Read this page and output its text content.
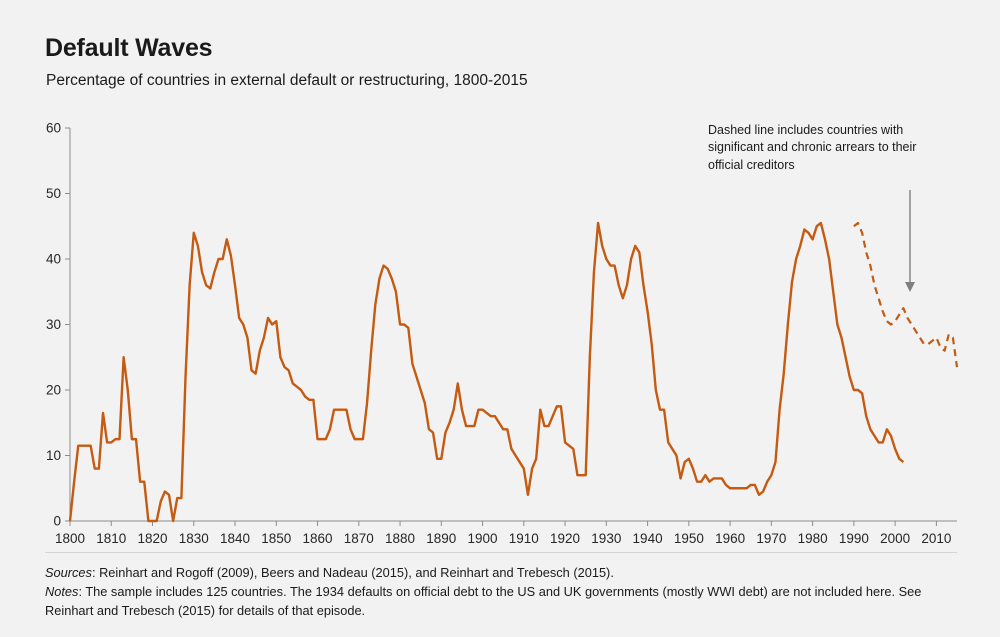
Default Waves
Percentage of countries in external default or restructuring, 1800-2015
0
10
20
30
40
50
60
1800 1810 1820 1830 1840 1850 1860 1870 1880 1890 1900 1910 1920 1930 1940 1950 1960 1970 1980 1990 2000 2010
Dashed line includes countries with significant and chronic arrears to their official creditors
Sources: Reinhart and Rogoff (2009), Beers and Nadeau (2015), and Reinhart and Trebesch (2015).
Notes: The sample includes 125 countries. The 1934 defaults on official debt to the US and UK governments (mostly WWI debt) are not included here. See Reinhart and Trebesch (2015) for details of that episode.
